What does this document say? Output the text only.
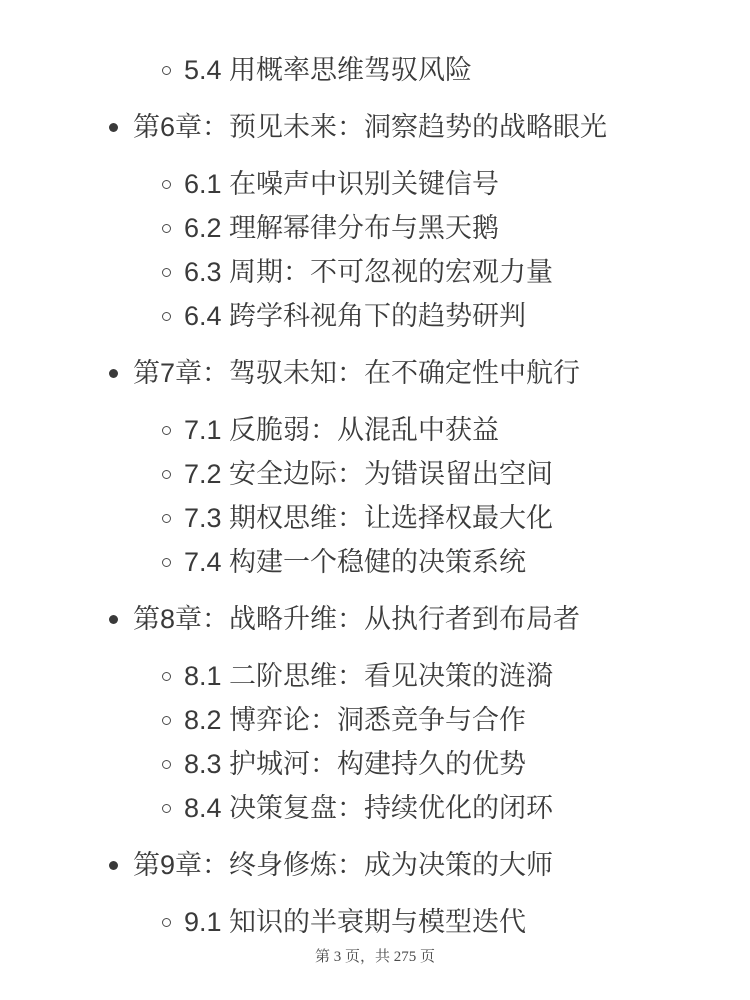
5.4 用概率思维驾驭风险
第6章：预见未来：洞察趋势的战略眼光
6.1 在噪声中识别关键信号
6.2 理解幂律分布与黑天鹅
6.3 周期：不可忽视的宏观力量
6.4 跨学科视角下的趋势研判
第7章：驾驭未知：在不确定性中航行
7.1 反脆弱：从混乱中获益
7.2 安全边际：为错误留出空间
7.3 期权思维：让选择权最大化
7.4 构建一个稳健的决策系统
第8章：战略升维：从执行者到布局者
8.1 二阶思维：看见决策的涟漪
8.2 博弈论：洞悉竞争与合作
8.3 护城河：构建持久的优势
8.4 决策复盘：持续优化的闭环
第9章：终身修炼：成为决策的大师
9.1 知识的半衰期与模型迭代
第 3 页，共 275 页
